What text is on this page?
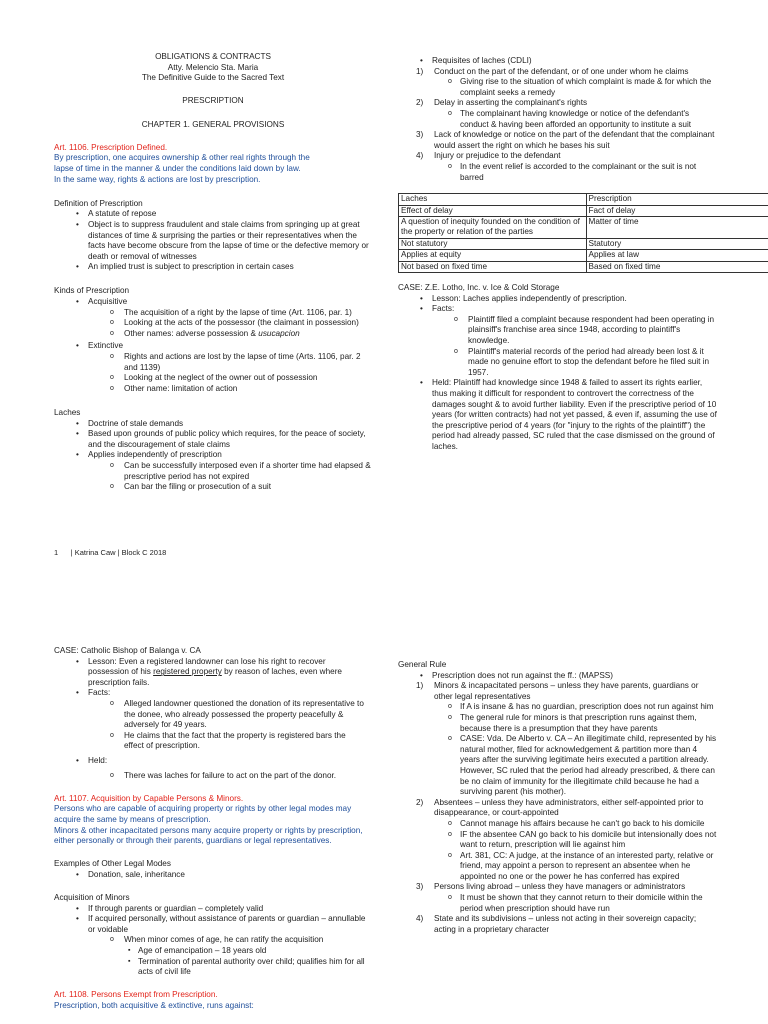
OBLIGATIONS & CONTRACTS

Atty. Melencio Sta. Maria

The Definitive Guide to the Sacred Text

PRESCRIPTION

CHAPTER 1. GENERAL PROVISIONS

Art. 1106. Prescription Defined.

By prescription, one acquires ownership & other real rights through the

lapse of time in the manner & under the conditions laid down by law.

In the same way, rights & actions are lost by prescription.

Definition of Prescription

• A statute of repose
• Object is to suppress fraudulent and stale claims from springing up at great distances of time & surprising the parties or their representatives when the facts have become obscure from the lapse of time or the defective memory or death or removal of witnesses
• An implied trust is subject to prescription in certain cases

Kinds of Prescription

• Acquisitive
o The acquisition of a right by the lapse of time (Art. 1106, par. 1)
o Looking at the acts of the possessor (the claimant in possession)
o Other names: adverse possession & usucapcion
• Extinctive
o Rights and actions are lost by the lapse of time (Arts. 1106, par. 2 and 1139)
o Looking at the neglect of the owner out of possession
o Other name: limitation of action

Laches

• Doctrine of stale demands
• Based upon grounds of public policy which requires, for the peace of society, and the discouragement of stale claims
• Applies independently of prescription
o Can be successfully interposed even if a shorter time had elapsed & prescriptive period has not expired
o Can bar the filing or prosecution of a suit
1      | Katrina Caw | Block C 2018
• Requisites of laches (CDLI)
1) Conduct on the part of the defendant, or of one under whom he claims
o Giving rise to the situation of which complaint is made & for which the complaint seeks a remedy
2) Delay in asserting the complainant's rights
o The complainant having knowledge or notice of the defendant's conduct & having been afforded an opportunity to institute a suit
3) Lack of knowledge or notice on the part of the defendant that the complainant would assert the right on which he bases his suit
4) Injury or prejudice to the defendant
o In the event relief is accorded to the complainant or the suit is not barred
Laches	Prescription
Effect of delay	Fact of delay
A question of inequity founded on the condition of the property or relation of the parties	Matter of time
Not statutory	Statutory
Applies at equity	Applies at law
Not based on fixed time	Based on fixed time

CASE: Z.E. Lotho, Inc. v. Ice & Cold Storage

• Lesson: Laches applies independently of prescription.
• Facts:
o Plaintiff filed a complaint because respondent had been operating in plainsiff's franchise area since 1948, according to plaintiff's knowledge.
o Plaintiff's material records of the period had already been lost & it made no genuine effort to stop the defendant before he filed suit in 1957.
• Held: Plaintiff had knowledge since 1948 & failed to assert its rights earlier, thus making it difficult for respondent to controvert the correctness of the damages sought & to avoid further liability. Even if the prescriptive period of 10 years (for written contracts) had not yet passed, & even if, assuming the use of the prescriptive period of 4 years (for "injury to the rights of the plaintiff") the period had already passed, SC ruled that the case dismissed on the ground of laches.

CASE: Catholic Bishop of Balanga v. CA

• Lesson: Even a registered landowner can lose his right to recover possession of his registered property by reason of laches, even where prescription fails.
• Facts:
o Alleged landowner questioned the donation of its representative to the donee, who already possessed the property peacefully & adversely for 49 years.
o He claims that the fact that the property is registered bars the effect of prescription.
• Held:
o There was laches for failure to act on the part of the donor.

Art. 1107. Acquisition by Capable Persons & Minors.

Persons who are capable of acquiring property or rights by other legal modes may acquire the same by means of prescription.

Minors & other incapacitated persons many acquire property or rights by prescription, either personally or through their parents, guardians or legal representatives.

Examples of Other Legal Modes

• Donation, sale, inheritance

Acquisition of Minors

• If through parents or guardian – completely valid
• If acquired personally, without assistance of parents or guardian – annullable or voidable
o When minor comes of age, he can ratify the acquisition
▪ Age of emancipation – 18 years old
▪ Termination of parental authority over child; qualifies him for all acts of civil life

Art. 1108. Persons Exempt from Prescription.

Prescription, both acquisitive & extinctive, runs against:

General Rule

• Prescription does not run against the ff.: (MAPSS)
1) Minors & incapacitated persons – unless they have parents, guardians or other legal representatives
o If A is insane & has no guardian, prescription does not run against him
o The general rule for minors is that prescription runs against them, because there is a presumption that they have parents
o CASE: Vda. De Alberto v. CA – An illegitimate child, represented by his natural mother, filed for acknowledgement & partition more than 4 years after the surviving legitimate heirs executed a partition already. However, SC ruled that the period had already prescribed, & there can be no claim of immunity for the illegitimate child because he had a surviving parent (his mother).
2) Absentees – unless they have administrators, either self-appointed prior to disappearance, or court-appointed
o Cannot manage his affairs because he can't go back to his domicile
o IF the absentee CAN go back to his domicile but intensionally does not want to return, prescription will lie against him
o Art. 381, CC: A judge, at the instance of an interested party, relative or friend, may appoint a person to represent an absentee when he appointed no one or the power he has conferred has expired
3) Persons living abroad – unless they have managers or administrators
o It must be shown that they cannot return to their domicile within the period when prescription should have run
4) State and its subdivisions – unless not acting in their sovereign capacity; acting in a proprietary character
